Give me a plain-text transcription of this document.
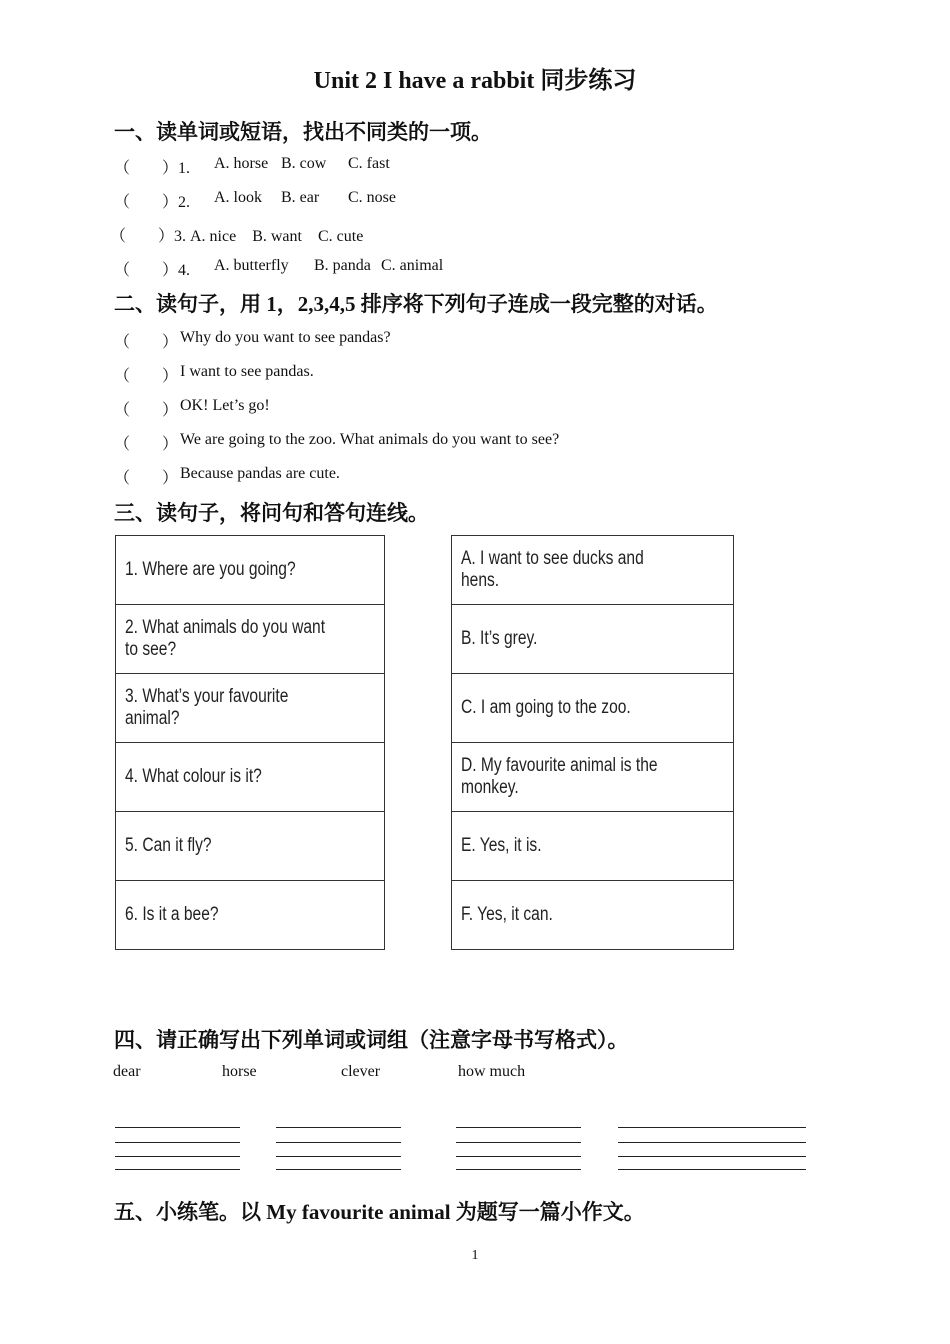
Unit 2 I have a rabbit 同步练习
一、读单词或短语，找出不同类的一项。
（　　）1. A. horse B. cow C. fast
（　　）2. A. look B. ear C. nose
（　　）3. A. nice    B. want    C. cute
（　　）4. A. butterfly B. panda C. animal
二、读句子，用 1，2,3,4,5 排序将下列句子连成一段完整的对话。
（　　） Why do you want to see pandas?
（　　） I want to see pandas.
（　　） OK! Let’s go!
（　　） We are going to the zoo. What animals do you want to see?
（　　） Because pandas are cute.
三、读句子，将问句和答句连线。
1. Where are you going?
2. What animals do you want to see?
3. What’s your favourite animal?
4. What colour is it?
5. Can it fly?
6. Is it a bee?
A. I want to see ducks and hens.
B. It’s grey.
C. I am going to the zoo.
D. My favourite animal is the monkey.
E. Yes, it is.
F. Yes, it can.
四、请正确写出下列单词或词组（注意字母书写格式）。
dear	horse	clever	how much
五、小练笔。以 My favourite animal 为题写一篇小作文。
1
